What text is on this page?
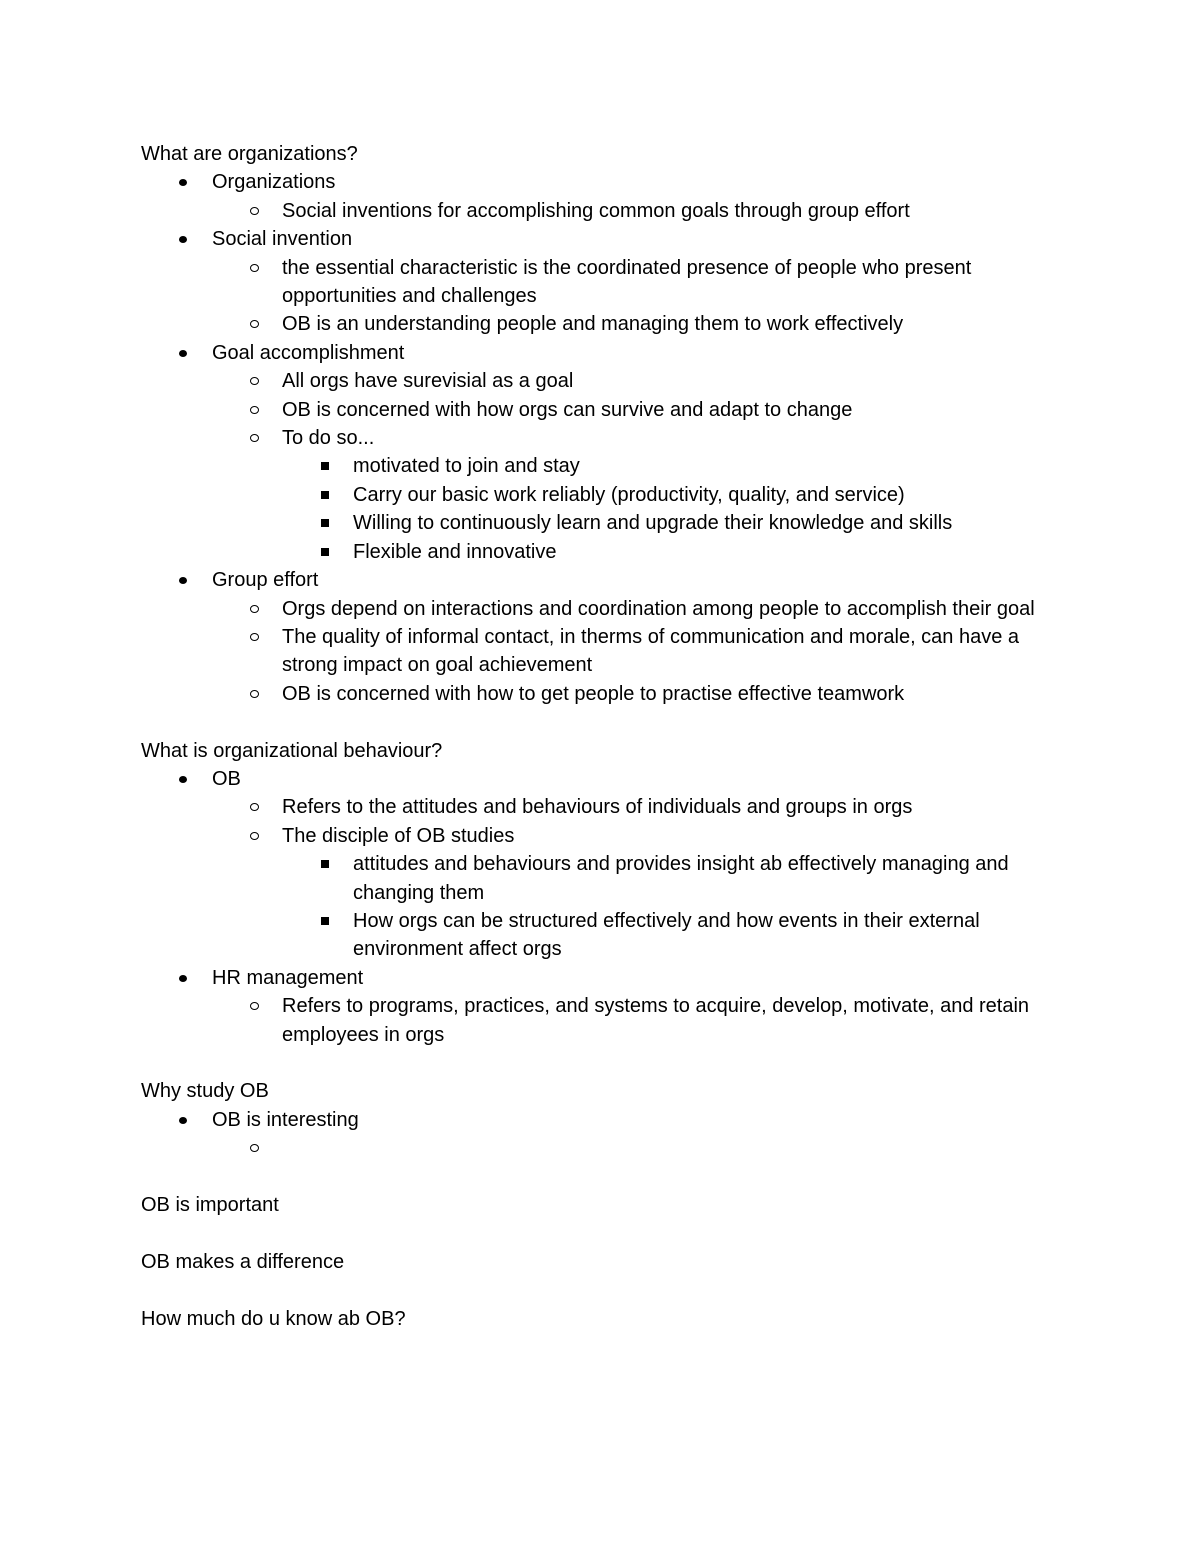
What are organizations?
Organizations
Social inventions for accomplishing common goals through group effort
Social invention
the essential characteristic is the coordinated presence of people who present opportunities and challenges
OB is an understanding people and managing them to work effectively
Goal accomplishment
All orgs have surevisial as a goal
OB is concerned with how orgs can survive and adapt to change
To do so...
motivated to join and stay
Carry our basic work reliably (productivity, quality, and service)
Willing to continuously learn and upgrade their knowledge and skills
Flexible and innovative
Group effort
Orgs depend on interactions and coordination among people to accomplish their goal
The quality of informal contact, in therms of communication and morale, can have a strong impact on goal achievement
OB is concerned with how to get people to practise effective teamwork
What is organizational behaviour?
OB
Refers to the attitudes and behaviours of individuals and groups in orgs
The disciple of OB studies
attitudes and behaviours and provides insight ab effectively managing and changing them
How orgs can be structured effectively and how events in their external environment affect orgs
HR management
Refers to programs, practices, and systems to acquire, develop, motivate, and retain employees in orgs
Why study OB
OB is interesting
OB is important
OB makes a difference
How much do u know ab OB?
